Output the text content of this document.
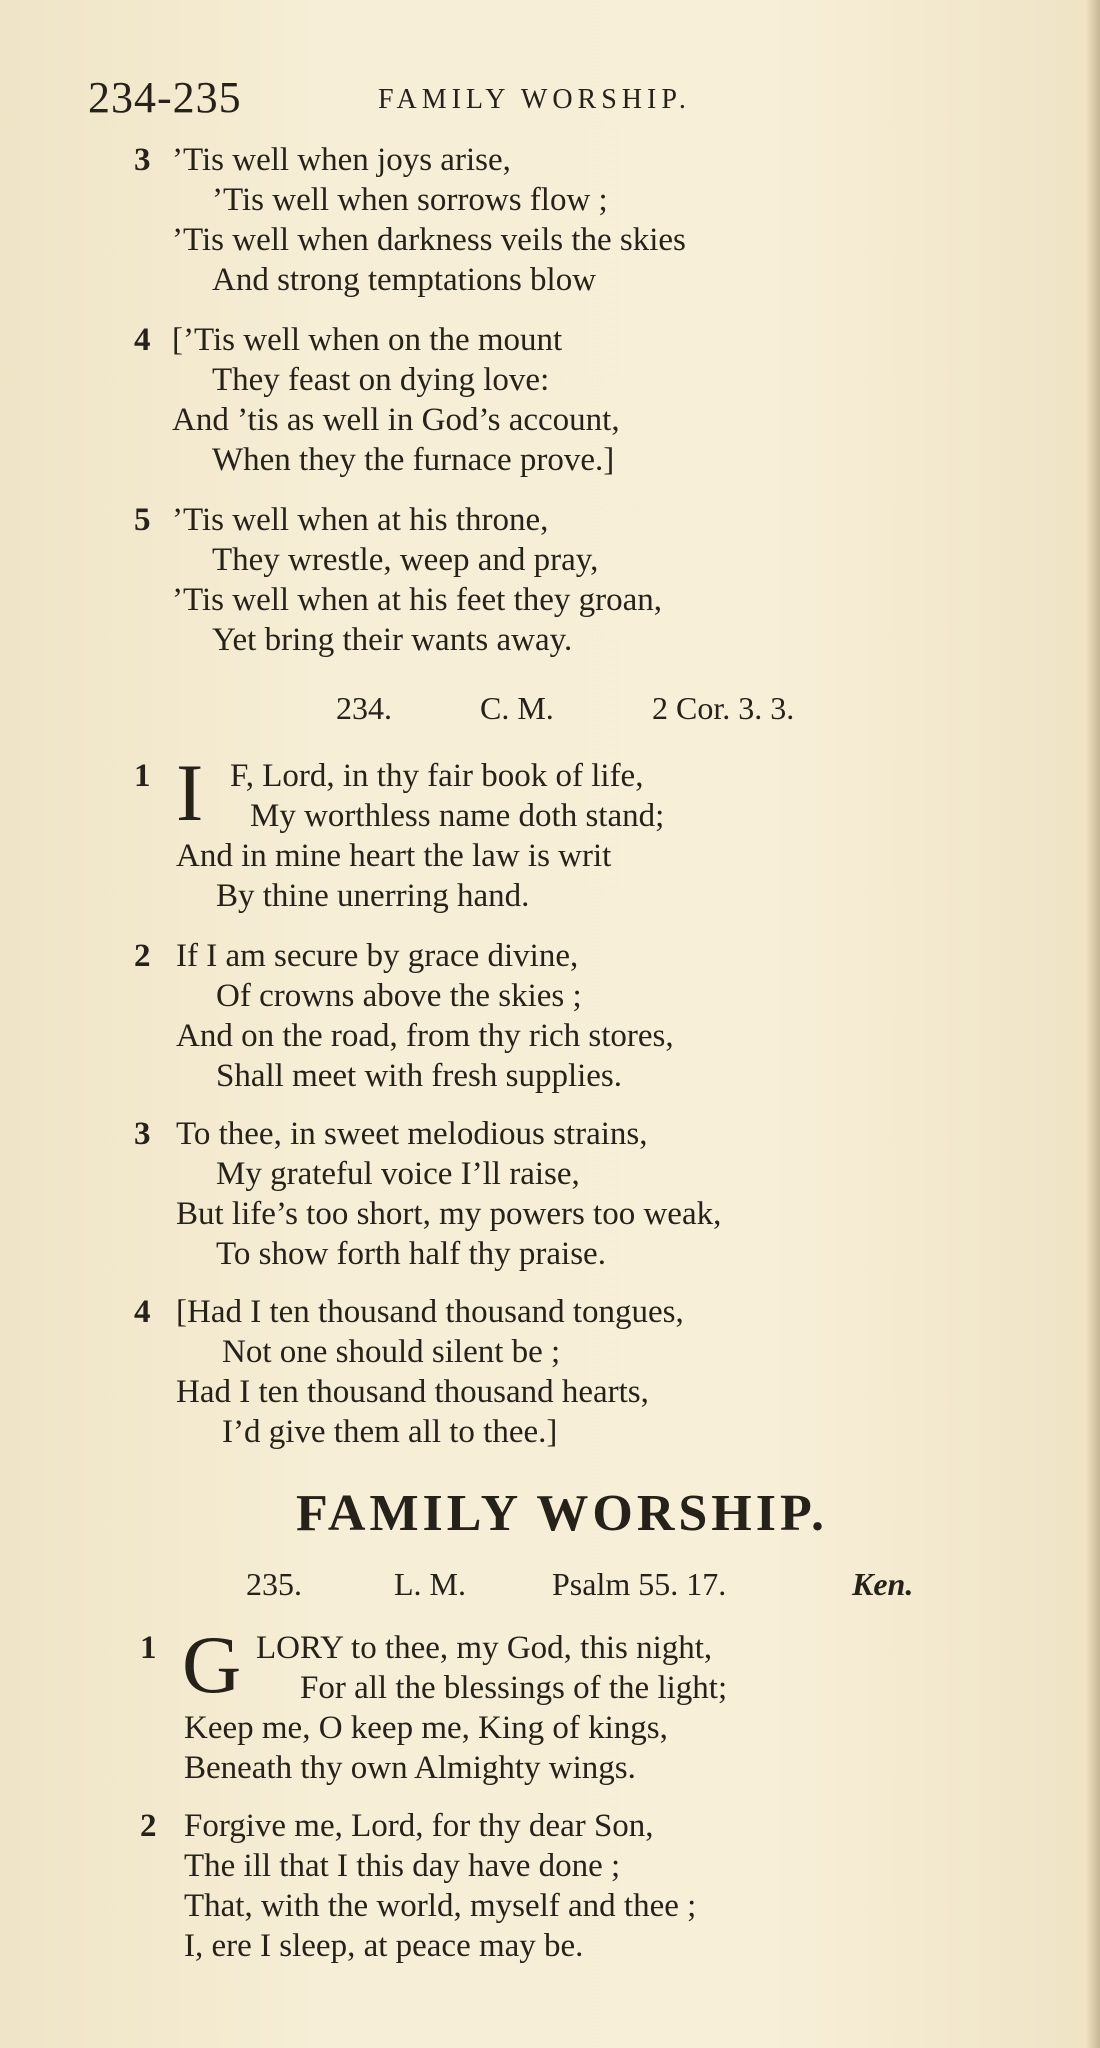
234-235	FAMILY WORSHIP.
3 ’Tis well when joys arise,
’Tis well when sorrows flow ;
’Tis well when darkness veils the skies
And strong temptations blow
4 [’Tis well when on the mount
They feast on dying love:
And ’tis as well in God’s account,
When they the furnace prove.]
5 ’Tis well when at his throne,
They wrestle, weep and pray,
’Tis well when at his feet they groan,
Yet bring their wants away.
234.	C. M.	2 Cor. 3. 3.
1 I F, Lord, in thy fair book of life,
My worthless name doth stand;
And in mine heart the law is writ
By thine unerring hand.
2 If I am secure by grace divine,
Of crowns above the skies ;
And on the road, from thy rich stores,
Shall meet with fresh supplies.
3 To thee, in sweet melodious strains,
My grateful voice I’ll raise,
But life’s too short, my powers too weak,
To show forth half thy praise.
4 [Had I ten thousand thousand tongues,
Not one should silent be ;
Had I ten thousand thousand hearts,
I’d give them all to thee.]
FAMILY WORSHIP.
235.	L. M.	Psalm 55. 17.	Ken.
1 G LORY to thee, my God, this night,
For all the blessings of the light;
Keep me, O keep me, King of kings,
Beneath thy own Almighty wings.
2 Forgive me, Lord, for thy dear Son,
The ill that I this day have done ;
That, with the world, myself and thee ;
I, ere I sleep, at peace may be.
